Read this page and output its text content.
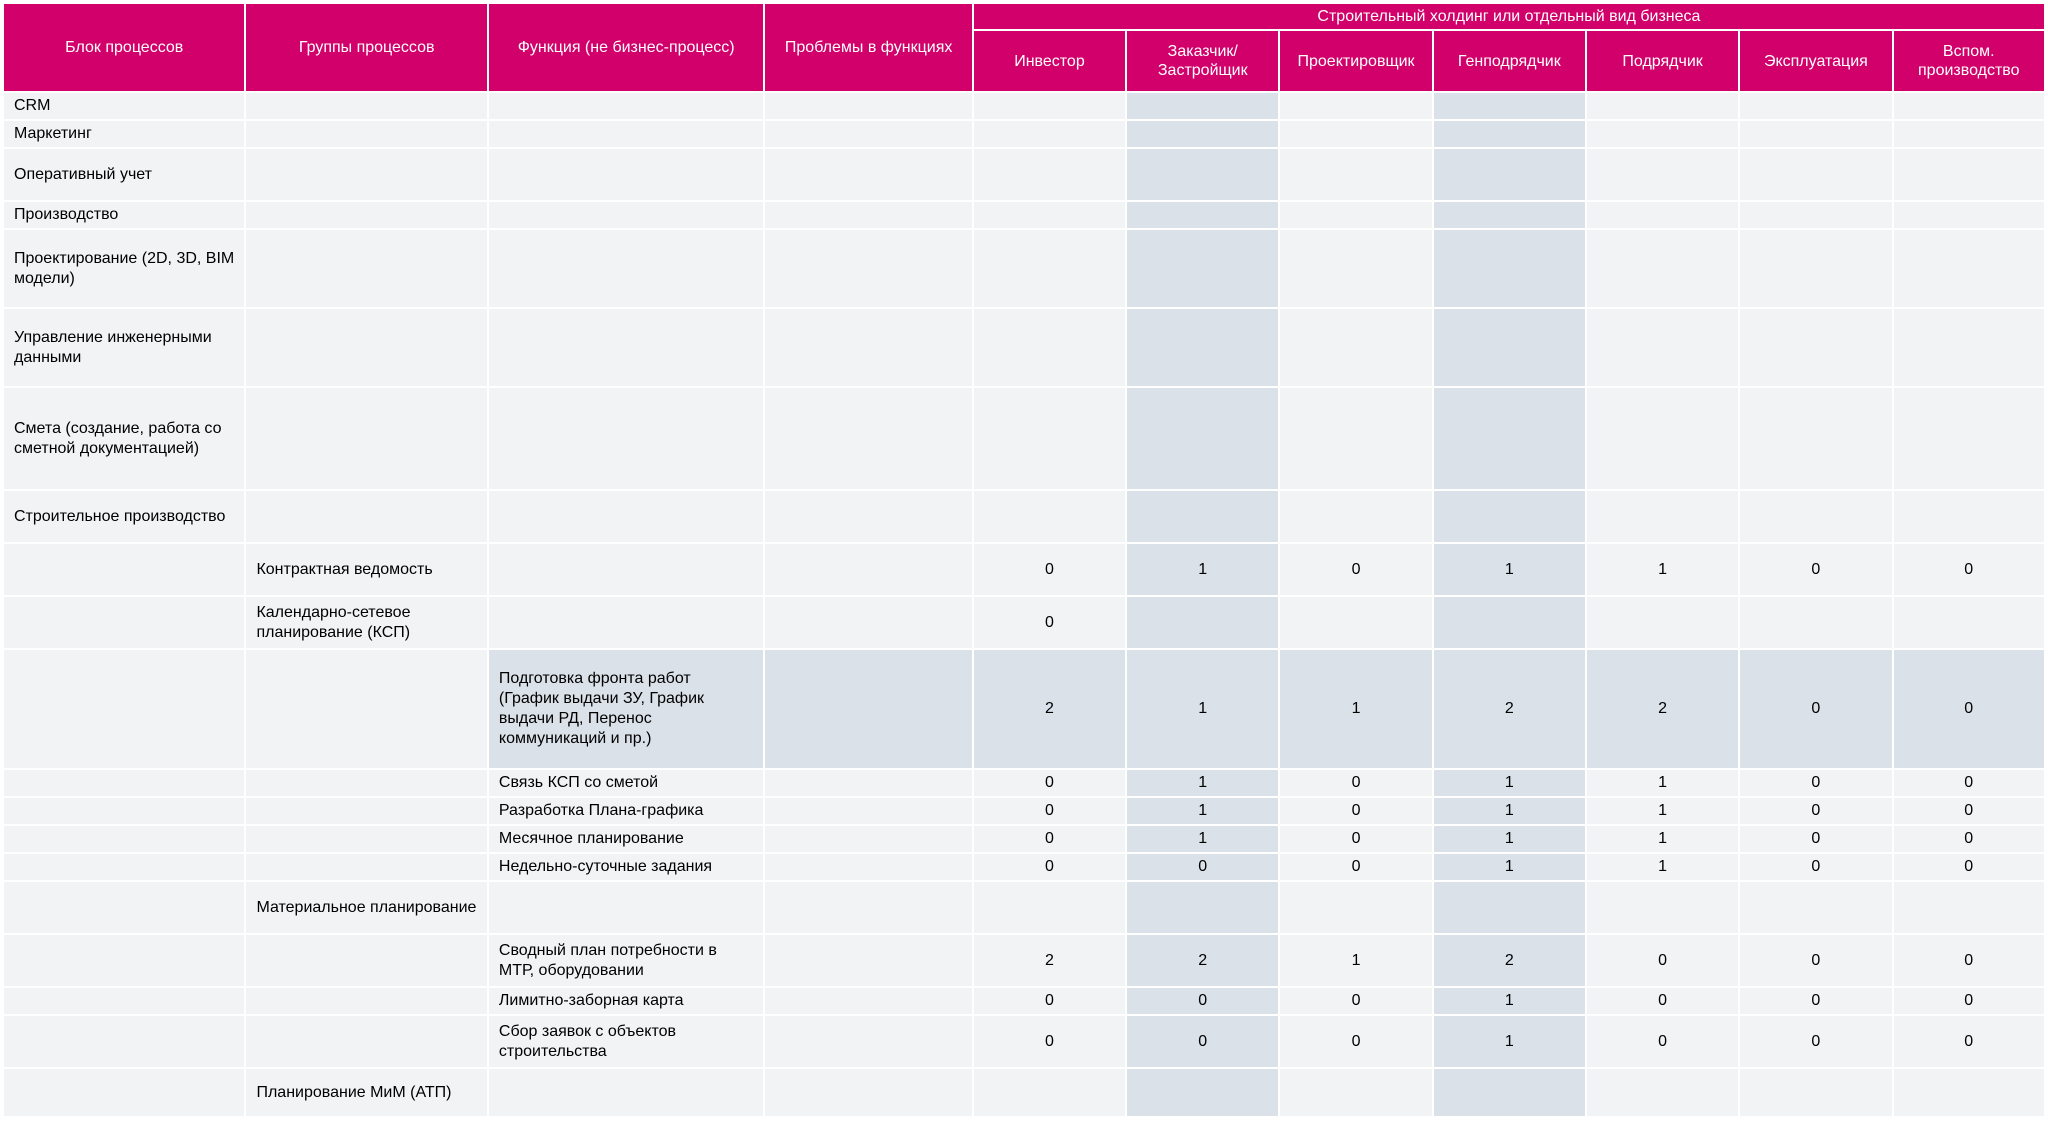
Блок процессов	Группы процессов	Функция (не бизнес-процесс)	Проблемы в функциях	Строительный холдинг или отдельный вид бизнеса						
				Инвестор	Заказчик/ Застройщик	Проектировщик	Генподрядчик	Подрядчик	Эксплуатация	Вспом. производство
CRM										
Маркетинг										
Оперативный учет										
Производство										
Проектирование (2D, 3D, BIM модели)										
Управление инженерными данными										
Смета (создание, работа со сметной документацией)										
Строительное производство										
	Контрактная ведомость			0	1	0	1	1	0	0
	Календарно-сетевое планирование (КСП)			0						
		Подготовка фронта работ (График выдачи ЗУ, График выдачи РД, Перенос коммуникаций и пр.)		2	1	1	2	2	0	0
		Связь КСП со сметой		0	1	0	1	1	0	0
		Разработка Плана-графика		0	1	0	1	1	0	0
		Месячное планирование		0	1	0	1	1	0	0
		Недельно-суточные задания		0	0	0	1	1	0	0
	Материальное планирование									
		Сводный план потребности в МТР, оборудовании		2	2	1	2	0	0	0
		Лимитно-заборная карта		0	0	0	1	0	0	0
		Сбор заявок с объектов строительства		0	0	0	1	0	0	0
	Планирование МиМ (АТП)									
